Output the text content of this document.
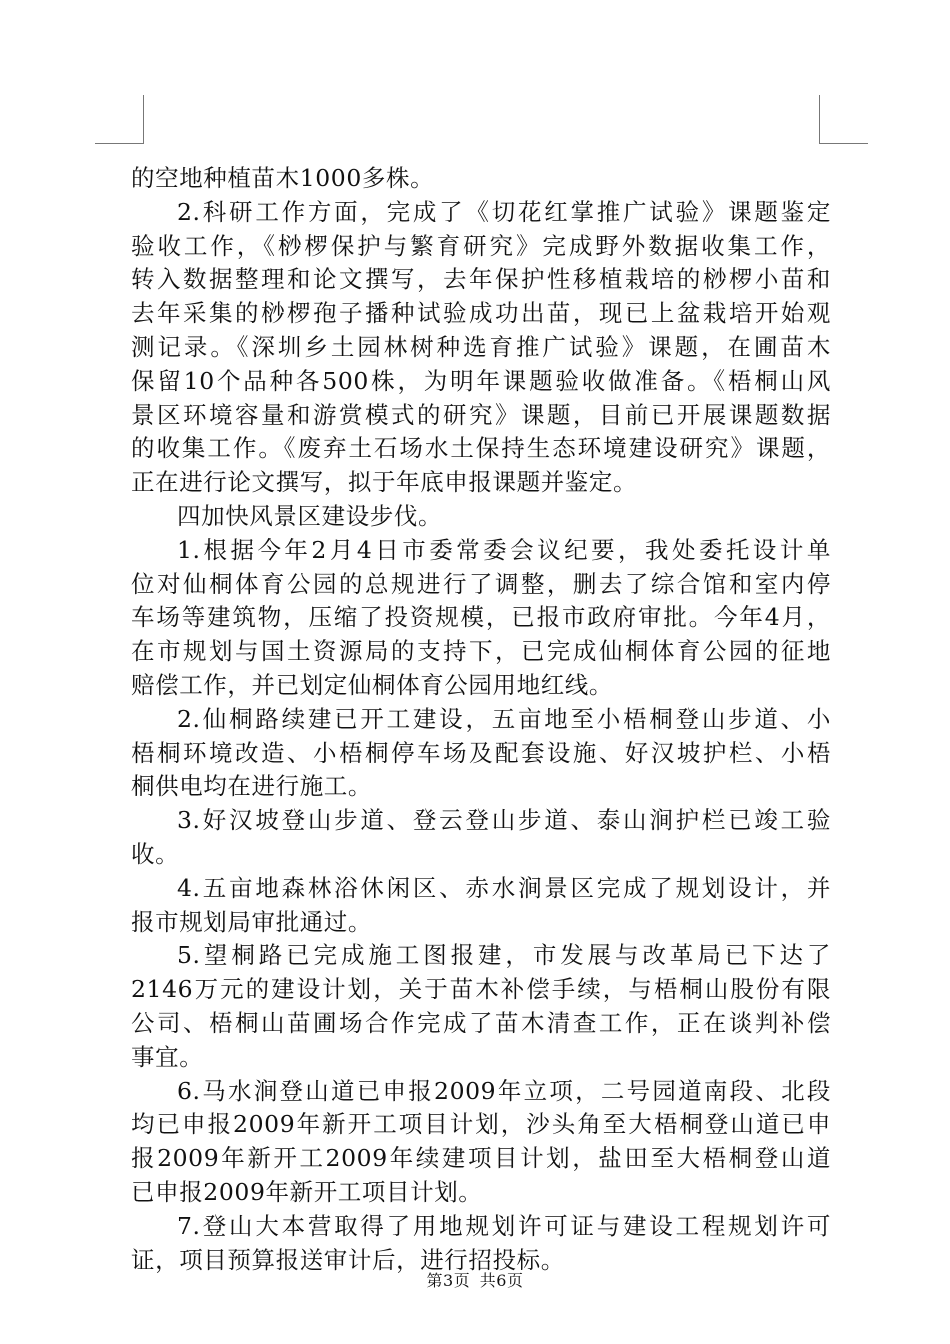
的空地种植苗木1000多株。
2.科研工作方面，完成了《切花红掌推广试验》课题鉴定
验收工作，《桫椤保护与繁育研究》完成野外数据收集工作，
转入数据整理和论文撰写，去年保护性移植栽培的桫椤小苗和
去年采集的桫椤孢子播种试验成功出苗，现已上盆栽培开始观
测记录。《深圳乡土园林树种选育推广试验》课题，在圃苗木
保留10个品种各500株，为明年课题验收做准备。《梧桐山风
景区环境容量和游赏模式的研究》课题，目前已开展课题数据
的收集工作。《废弃土石场水土保持生态环境建设研究》课题，
正在进行论文撰写，拟于年底申报课题并鉴定。
四加快风景区建设步伐。
1.根据今年2月4日市委常委会议纪要，我处委托设计单
位对仙桐体育公园的总规进行了调整，删去了综合馆和室内停
车场等建筑物，压缩了投资规模，已报市政府审批。今年4月，
在市规划与国土资源局的支持下，已完成仙桐体育公园的征地
赔偿工作，并已划定仙桐体育公园用地红线。
2.仙桐路续建已开工建设，五亩地至小梧桐登山步道、小
梧桐环境改造、小梧桐停车场及配套设施、好汉坡护栏、小梧
桐供电均在进行施工。
3.好汉坡登山步道、登云登山步道、泰山涧护栏已竣工验
收。
4.五亩地森林浴休闲区、赤水涧景区完成了规划设计，并
报市规划局审批通过。
5.望桐路已完成施工图报建，市发展与改革局已下达了
2146万元的建设计划，关于苗木补偿手续，与梧桐山股份有限
公司、梧桐山苗圃场合作完成了苗木清查工作，正在谈判补偿
事宜。
6.马水涧登山道已申报2009年立项，二号园道南段、北段
均已申报2009年新开工项目计划，沙头角至大梧桐登山道已申
报2009年新开工2009年续建项目计划，盐田至大梧桐登山道
已申报2009年新开工项目计划。
7.登山大本营取得了用地规划许可证与建设工程规划许可
证，项目预算报送审计后，进行招投标。
第3页 共6页
